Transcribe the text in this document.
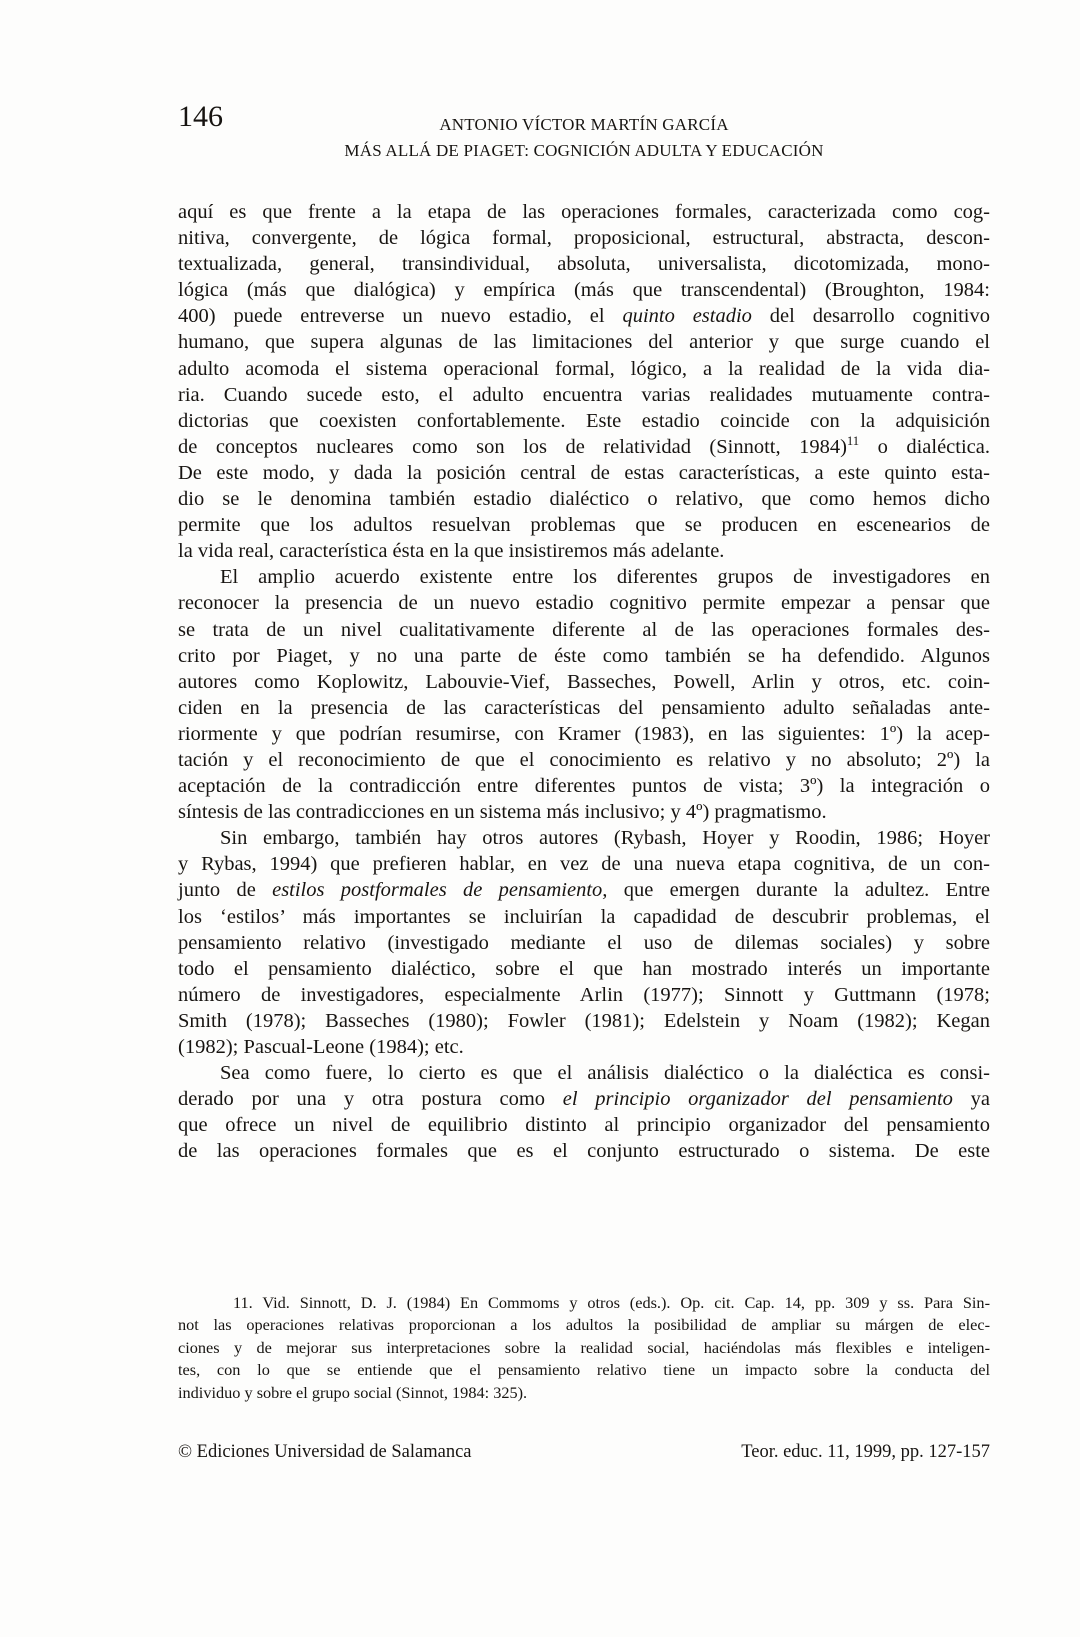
146	ANTONIO VÍCTOR MARTÍN GARCÍA
MÁS ALLÁ DE PIAGET: COGNICIÓN ADULTA Y EDUCACIÓN
aquí es que frente a la etapa de las operaciones formales, caracterizada como cog-
nitiva, convergente, de lógica formal, proposicional, estructural, abstracta, descon-
textualizada, general, transindividual, absoluta, universalista, dicotomizada, mono-
lógica (más que dialógica) y empírica (más que transcendental) (Broughton, 1984:
400) puede entreverse un nuevo estadio, el quinto estadio del desarrollo cognitivo
humano, que supera algunas de las limitaciones del anterior y que surge cuando el
adulto acomoda el sistema operacional formal, lógico, a la realidad de la vida dia-
ria. Cuando sucede esto, el adulto encuentra varias realidades mutuamente contra-
dictorias que coexisten confortablemente. Este estadio coincide con la adquisición
de conceptos nucleares como son los de relatividad (Sinnott, 1984)$^{11}$ o dialéctica.
De este modo, y dada la posición central de estas características, a este quinto esta-
dio se le denomina también estadio dialéctico o relativo, que como hemos dicho
permite que los adultos resuelvan problemas que se producen en escenearios de
la vida real, característica ésta en la que insistiremos más adelante.
El amplio acuerdo existente entre los diferentes grupos de investigadores en
reconocer la presencia de un nuevo estadio cognitivo permite empezar a pensar que
se trata de un nivel cualitativamente diferente al de las operaciones formales des-
crito por Piaget, y no una parte de éste como también se ha defendido. Algunos
autores como Koplowitz, Labouvie-Vief, Basseches, Powell, Arlin y otros, etc. coin-
ciden en la presencia de las características del pensamiento adulto señaladas ante-
riormente y que podrían resumirse, con Kramer (1983), en las siguientes: 1º) la acep-
tación y el reconocimiento de que el conocimiento es relativo y no absoluto; 2º) la
aceptación de la contradicción entre diferentes puntos de vista; 3º) la integración o
síntesis de las contradicciones en un sistema más inclusivo; y 4º) pragmatismo.
Sin embargo, también hay otros autores (Rybash, Hoyer y Roodin, 1986; Hoyer
y Rybas, 1994) que prefieren hablar, en vez de una nueva etapa cognitiva, de un con-
junto de estilos postformales de pensamiento, que emergen durante la adultez. Entre
los ‘estilos’ más importantes se incluirían la capadidad de descubrir problemas, el
pensamiento relativo (investigado mediante el uso de dilemas sociales) y sobre
todo el pensamiento dialéctico, sobre el que han mostrado interés un importante
número de investigadores, especialmente Arlin (1977); Sinnott y Guttmann (1978;
Smith (1978); Basseches (1980); Fowler (1981); Edelstein y Noam (1982); Kegan
(1982); Pascual-Leone (1984); etc.
Sea como fuere, lo cierto es que el análisis dialéctico o la dialéctica es consi-
derado por una y otra postura como el principio organizador del pensamiento ya
que ofrece un nivel de equilibrio distinto al principio organizador del pensamiento
de las operaciones formales que es el conjunto estructurado o sistema. De este
11. Vid. Sinnott, D. J. (1984) En Commoms y otros (eds.). Op. cit. Cap. 14, pp. 309 y ss. Para Sin-
not las operaciones relativas proporcionan a los adultos la posibilidad de ampliar su márgen de elec-
ciones y de mejorar sus interpretaciones sobre la realidad social, haciéndolas más flexibles e inteligen-
tes, con lo que se entiende que el pensamiento relativo tiene un impacto sobre la conducta del
individuo y sobre el grupo social (Sinnot, 1984: 325).
© Ediciones Universidad de Salamanca	Teor. educ. 11, 1999, pp. 127-157
